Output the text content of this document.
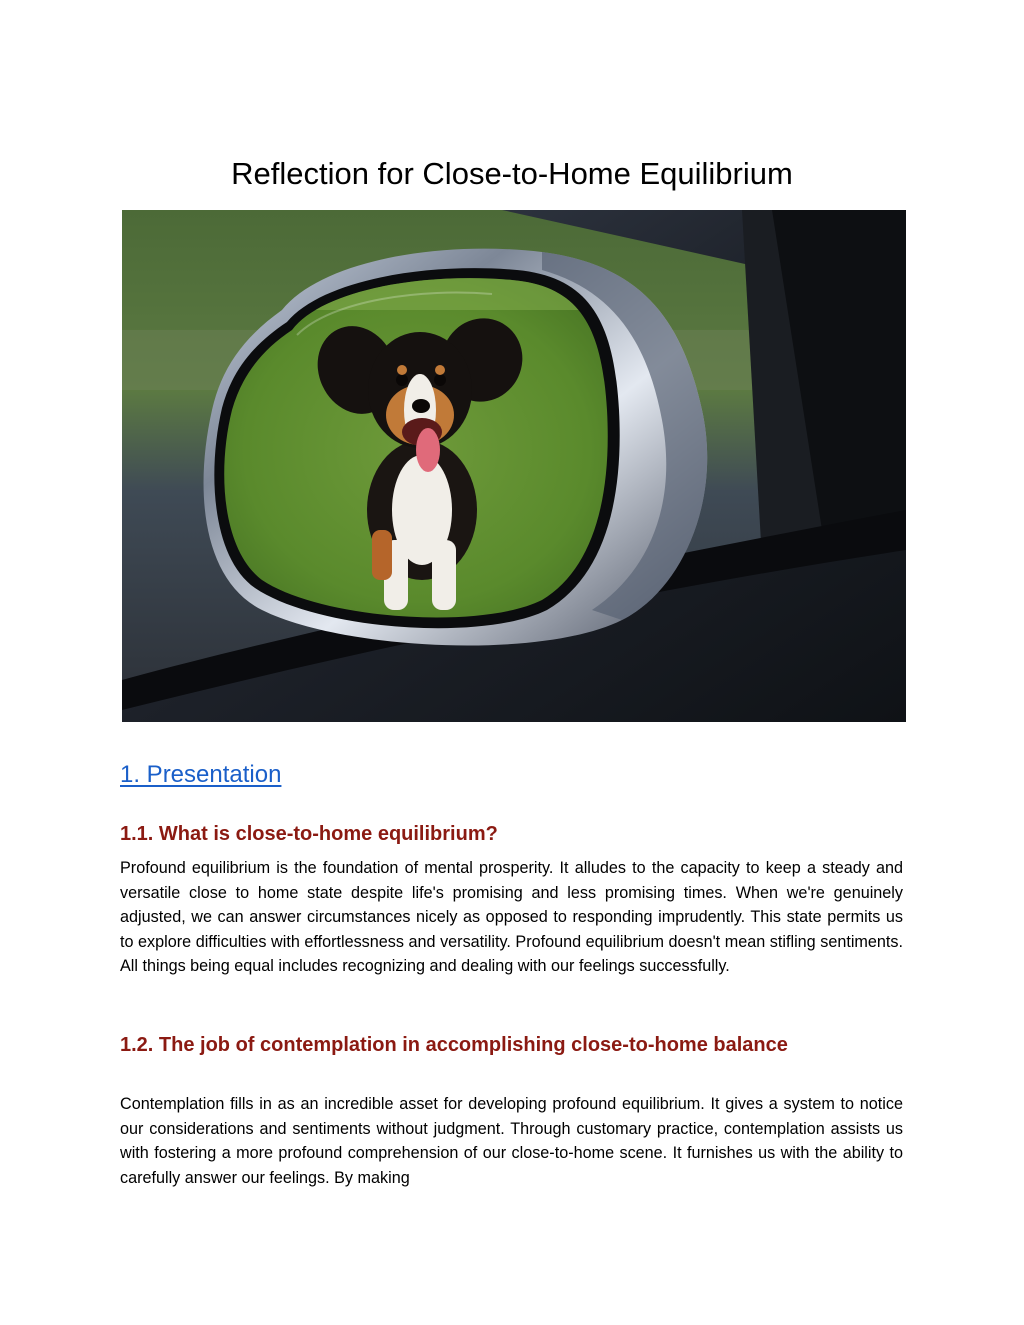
Reflection for Close-to-Home Equilibrium
1. Presentation
1.1. What is close-to-home equilibrium?

Profound equilibrium is the foundation of mental prosperity. It alludes to the capacity to keep a steady and versatile close to home state despite life's promising and less promising times. When we're genuinely adjusted, we can answer circumstances nicely as opposed to responding imprudently. This state permits us to explore difficulties with effortlessness and versatility. Profound equilibrium doesn't mean stifling sentiments. All things being equal includes recognizing and dealing with our feelings successfully.

1.2. The job of contemplation in accomplishing close-to-home balance

Contemplation fills in as an incredible asset for developing profound equilibrium. It gives a system to notice our considerations and sentiments without judgment. Through customary practice, contemplation assists us with fostering a more profound comprehension of our close-to-home scene. It furnishes us with the ability to carefully answer our feelings. By making
